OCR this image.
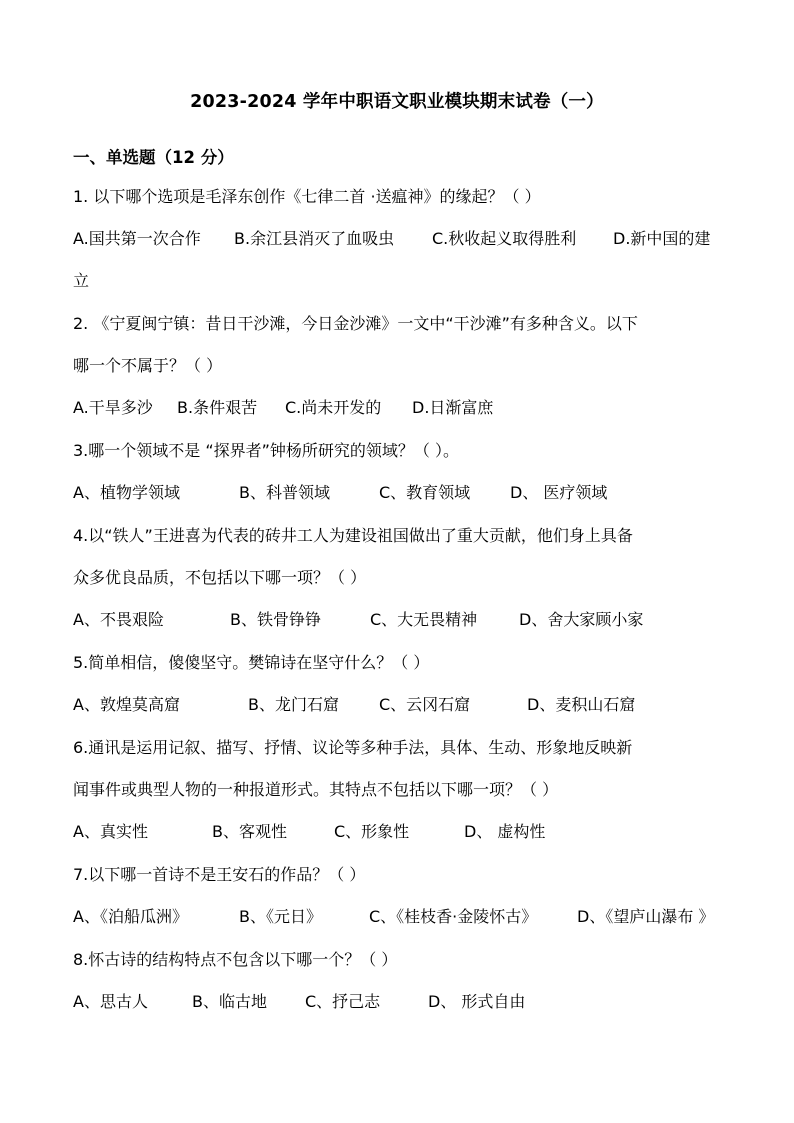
2023-2024 学年中职语文职业模块期末试卷（一）
一、单选题（12 分）
1. 以下哪个选项是毛泽东创作《七律二首 ·送瘟神》的缘起？（ ）
A.国共第一次合作 B.余江县消灭了血吸虫 C.秋收起义取得胜利 D.新中国的建
立
2. 《宁夏闽宁镇：昔日干沙滩，今日金沙滩》一文中“干沙滩”有多种含义。以下
哪一个不属于？（ ）
A.干旱多沙 B.条件艰苦 C.尚未开发的 D.日渐富庶
3.哪一个领域不是 “探界者”钟杨所研究的领域？（ ）。
A、植物学领域	B、科普领域	C、教育领域 D、 医疗领域
4.以“铁人”王进喜为代表的砖井工人为建设祖国做出了重大贡献，他们身上具备
众多优良品质，不包括以下哪一项？（ ）
A、不畏艰险	B、铁骨铮铮	C、大无畏精神	D、舍大家顾小家
5.简单相信，傻傻坚守。樊锦诗在坚守什么？（ ）
A、敦煌莫高窟	B、龙门石窟	C、云冈石窟	D、麦积山石窟
6.通讯是运用记叙、描写、抒情、议论等多种手法，具体、生动、形象地反映新
闻事件或典型人物的一种报道形式。其特点不包括以下哪一项？（ ）
A、真实性	B、客观性	C、形象性	D、 虚构性
7.以下哪一首诗不是王安石的作品？（ ）
A、《泊船瓜洲》	B、《元日》	C、《桂枝香·金陵怀古》 D、《望庐山瀑布 》
8.怀古诗的结构特点不包含以下哪一个？（ ）
A、思古人	B、临古地 C、抒己志	D、 形式自由
